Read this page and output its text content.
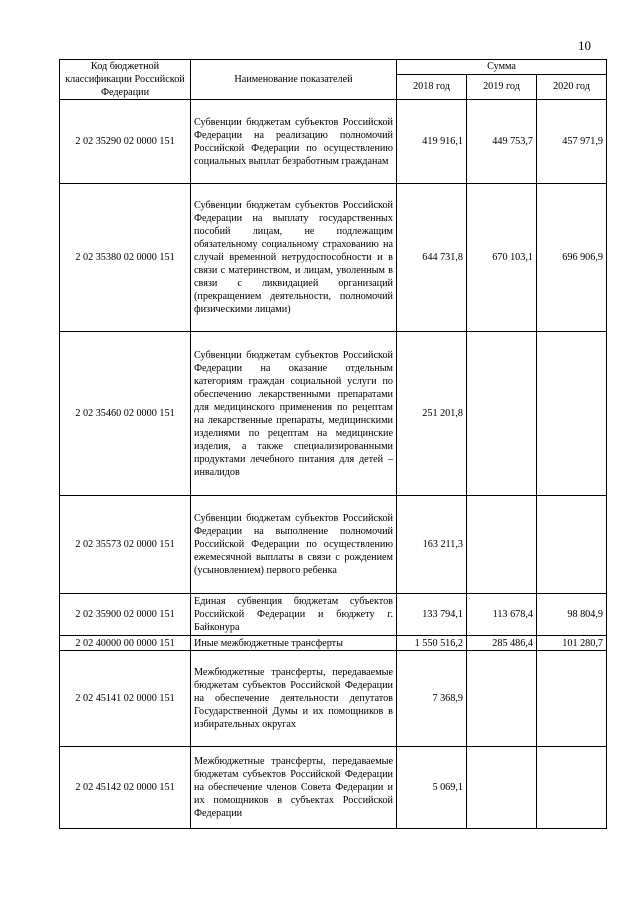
10
Код бюджетной классификации Российской Федерации	Наименование показателей	Сумма		
		2018 год	2019 год	2020 год
2 02 35290 02 0000 151	Субвенции бюджетам субъектов Российской Федерации на реализацию полномочий Российской Федерации по осуществлению социальных выплат безработным гражданам	419 916,1	449 753,7	457 971,9
2 02 35380 02 0000 151	Субвенции бюджетам субъектов Российской Федерации на выплату государственных пособий лицам, не подлежащим обязательному социальному страхованию на случай временной нетрудоспособности и в связи с материнством, и лицам, уволенным в связи с ликвидацией организаций (прекращением деятельности, полномочий физическими лицами)	644 731,8	670 103,1	696 906,9
2 02 35460 02 0000 151	Субвенции бюджетам субъектов Российской Федерации на оказание отдельным категориям граждан социальной услуги по обеспечению лекарственными препаратами для медицинского применения по рецептам на лекарственные препараты, медицинскими изделиями по рецептам на медицинские изделия, а также специализированными продуктами лечебного питания для детей – инвалидов	251 201,8		
2 02 35573 02 0000 151	Субвенции бюджетам субъектов Российской Федерации на выполнение полномочий Российской Федерации по осуществлению ежемесячной выплаты в связи с рождением (усыновлением) первого ребенка	163 211,3		
2 02 35900 02 0000 151	Единая субвенция бюджетам субъектов Российской Федерации и бюджету г. Байконура	133 794,1	113 678,4	98 804,9
2 02 40000 00 0000 151	Иные межбюджетные трансферты	1 550 516,2	285 486,4	101 280,7
2 02 45141 02 0000 151	Межбюджетные трансферты, передаваемые бюджетам субъектов Российской Федерации на обеспечение деятельности депутатов Государственной Думы и их помощников в избирательных округах	7 368,9		
2 02 45142 02 0000 151	Межбюджетные трансферты, передаваемые бюджетам субъектов Российской Федерации на обеспечение членов Совета Федерации и их помощников в субъектах Российской Федерации	5 069,1		
